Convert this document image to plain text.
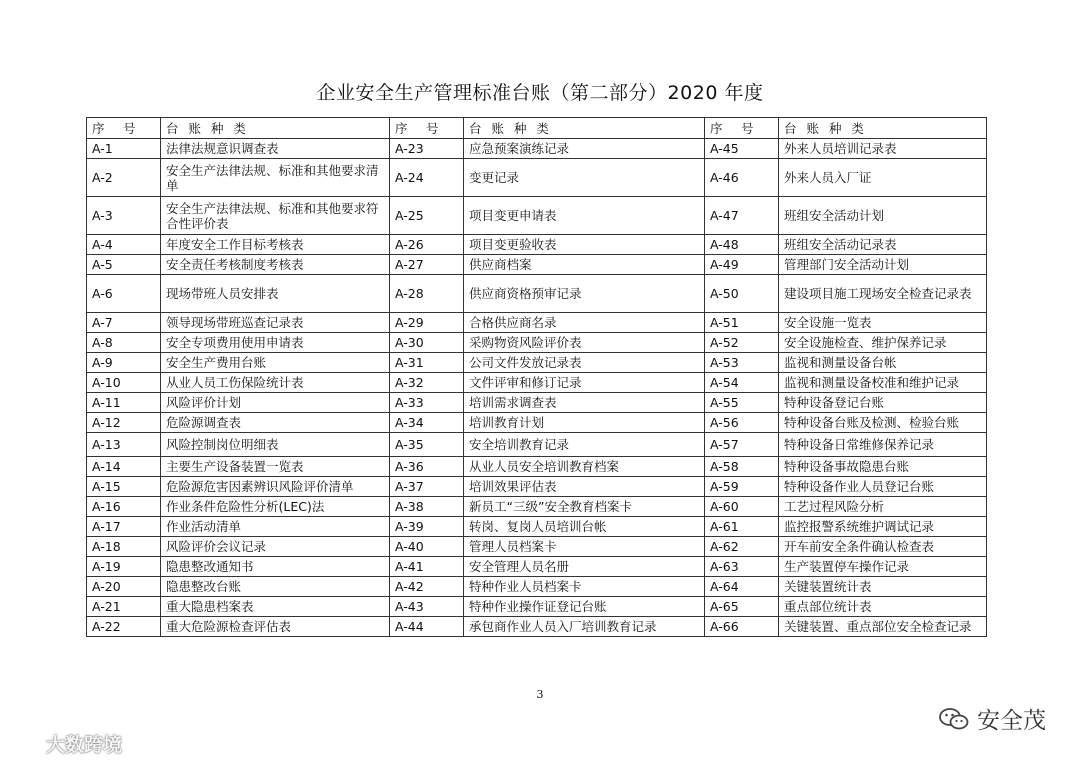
企业安全生产管理标准台账（第二部分）2020 年度
序　号	台 账 种 类	序　号	台 账 种 类	序　号	台 账 种 类
A-1	法律法规意识调查表	A-23	应急预案演练记录	A-45	外来人员培训记录表
A-2	安全生产法律法规、标准和其他要求清单	A-24	变更记录	A-46	外来人员入厂证
A-3	安全生产法律法规、标准和其他要求符合性评价表	A-25	项目变更申请表	A-47	班组安全活动计划
A-4	年度安全工作目标考核表	A-26	项目变更验收表	A-48	班组安全活动记录表
A-5	安全责任考核制度考核表	A-27	供应商档案	A-49	管理部门安全活动计划
A-6	现场带班人员安排表	A-28	供应商资格预审记录	A-50	建设项目施工现场安全检查记录表
A-7	领导现场带班巡查记录表	A-29	合格供应商名录	A-51	安全设施一览表
A-8	安全专项费用使用申请表	A-30	采购物资风险评价表	A-52	安全设施检查、维护保养记录
A-9	安全生产费用台账	A-31	公司文件发放记录表	A-53	监视和测量设备台帐
A-10	从业人员工伤保险统计表	A-32	文件评审和修订记录	A-54	监视和测量设备校准和维护记录
A-11	风险评价计划	A-33	培训需求调查表	A-55	特种设备登记台账
A-12	危险源调查表	A-34	培训教育计划	A-56	特种设备台账及检测、检验台账
A-13	风险控制岗位明细表	A-35	安全培训教育记录	A-57	特种设备日常维修保养记录
A-14	主要生产设备装置一览表	A-36	从业人员安全培训教育档案	A-58	特种设备事故隐患台账
A-15	危险源危害因素辨识风险评价清单	A-37	培训效果评估表	A-59	特种设备作业人员登记台账
A-16	作业条件危险性分析(LEC)法	A-38	新员工“三级”安全教育档案卡	A-60	工艺过程风险分析
A-17	作业活动清单	A-39	转岗、复岗人员培训台帐	A-61	监控报警系统维护调试记录
A-18	风险评价会议记录	A-40	管理人员档案卡	A-62	开车前安全条件确认检查表
A-19	隐患整改通知书	A-41	安全管理人员名册	A-63	生产装置停车操作记录
A-20	隐患整改台账	A-42	特种作业人员档案卡	A-64	关键装置统计表
A-21	重大隐患档案表	A-43	特种作业操作证登记台账	A-65	重点部位统计表
A-22	重大危险源检查评估表	A-44	承包商作业人员入厂培训教育记录	A-66	关键装置、重点部位安全检查记录
3
大数跨境
安全茂
